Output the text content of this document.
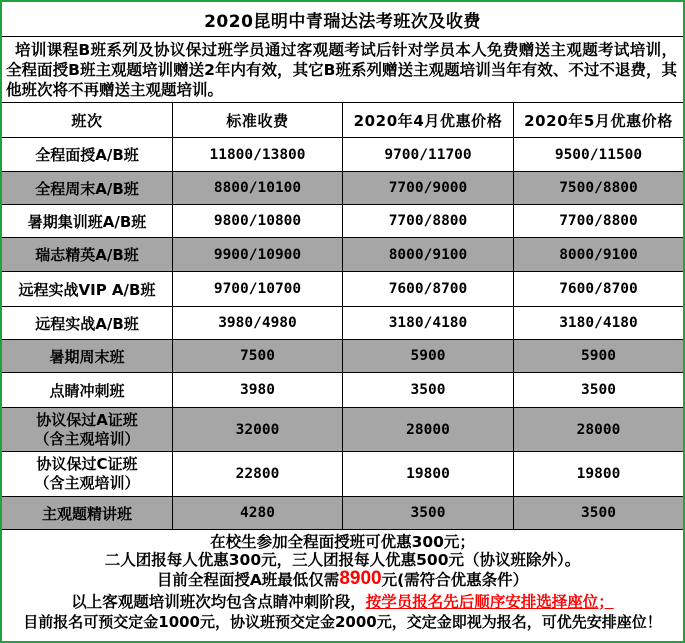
2020昆明中青瑞达法考班次及收费
培训课程B班系列及协议保过班学员通过客观题考试后针对学员本人免费赠送主观题考试培训，全程面授B班主观题培训赠送2年内有效，其它B班系列赠送主观题培训当年有效、不过不退费，其他班次将不再赠送主观题培训。
班次	标准收费	2020年4月优惠价格	2020年5月优惠价格
全程面授A/B班	11800/13800	9700/11700	9500/11500
全程周末A/B班	8800/10100	7700/9000	7500/8800
暑期集训班A/B班	9800/10800	7700/8800	7700/8800
瑞志精英A/B班	9900/10900	8000/9100	8000/9100
远程实战VIP A/B班	9700/10700	7600/8700	7600/8700
远程实战A/B班	3980/4980	3180/4180	3180/4180
暑期周末班	7500	5900	5900
点睛冲刺班	3980	3500	3500
协议保过A证班
（含主观培训）	32000	28000	28000
协议保过C证班
（含主观培训）	22800	19800	19800
主观题精讲班	4280	3500	3500
在校生参加全程面授班可优惠300元；
二人团报每人优惠300元，三人团报每人优惠500元（协议班除外）。
目前全程面授A班最低仅需 8900 元(需符合优惠条件）
以上客观题培训班次均包含点睛冲刺阶段， 按学员报名先后顺序安排选择座位；
目前报名可预交定金1000元，协议班预交定金2000元，交定金即视为报名，可优先安排座位！
